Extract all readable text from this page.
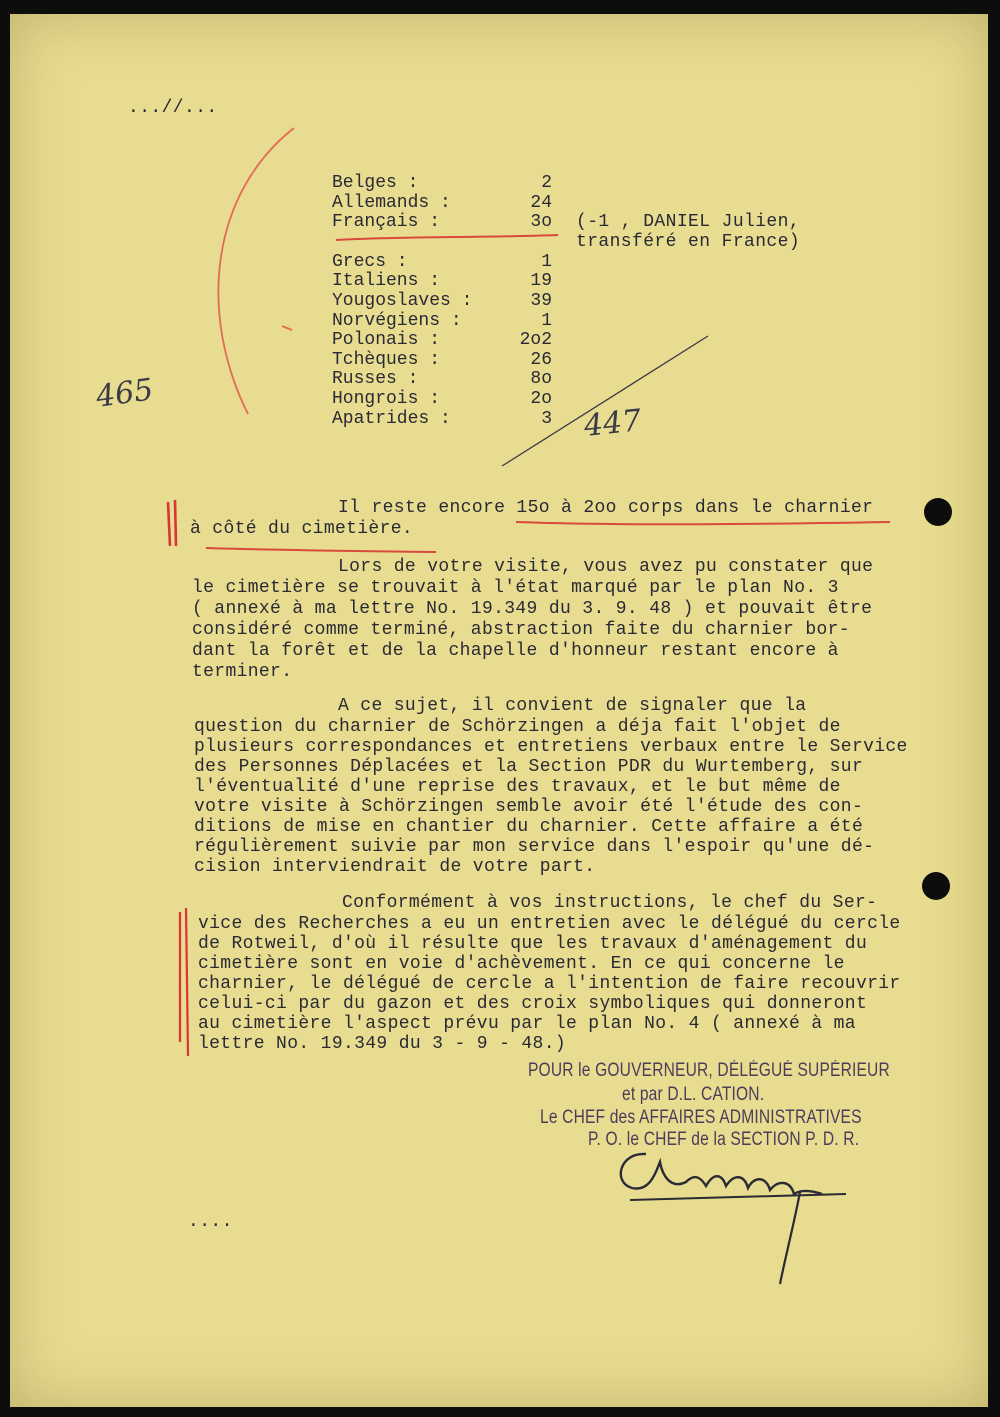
...//...
Belges :	2
Allemands :	24
Français :	3o
Grecs :	1
Italiens :	19
Yougoslaves :	39
Norvégiens :	1
Polonais :	2o2
Tchèques :	26
Russes :	8o
Hongrois :	2o
Apatrides :	3
(-1 , DANIEL Julien,
transféré en France)
465
447
Il reste encore 15o à 2oo corps dans le charnier
à côté du cimetière.
Lors de votre visite, vous avez pu constater que
le cimetière se trouvait à l'état marqué par le plan No. 3
( annexé à ma lettre No. 19.349 du 3. 9. 48 ) et pouvait être
considéré comme terminé, abstraction faite du charnier bor-
dant la forêt et de la chapelle d'honneur restant encore à
terminer.
A ce sujet, il convient de signaler que la
question du charnier de Schörzingen a déja fait l'objet de
plusieurs correspondances et entretiens verbaux entre le Service
des Personnes Déplacées et la Section PDR du Wurtemberg, sur
l'éventualité d'une reprise des travaux, et le but même de
votre visite à Schörzingen semble avoir été l'étude des con-
ditions de mise en chantier du charnier. Cette affaire a été
régulièrement suivie par mon service dans l'espoir qu'une dé-
cision interviendrait de votre part.
Conformément à vos instructions, le chef du Ser-
vice des Recherches a eu un entretien avec le délégué du cercle
de Rotweil, d'où il résulte que les travaux d'aménagement du
cimetière sont en voie d'achèvement. En ce qui concerne le
charnier, le délégué de cercle a l'intention de faire recouvrir
celui-ci par du gazon et des croix symboliques qui donneront
au cimetière l'aspect prévu par le plan No. 4 ( annexé à ma
lettre No. 19.349 du 3 - 9 - 48.)
POUR le GOUVERNEUR, DÉLÉGUÉ SUPÉRIEUR
et par D.L. CATION.
Le CHEF des AFFAIRES ADMINISTRATIVES
P. O. le CHEF de la SECTION P. D. R.
....
